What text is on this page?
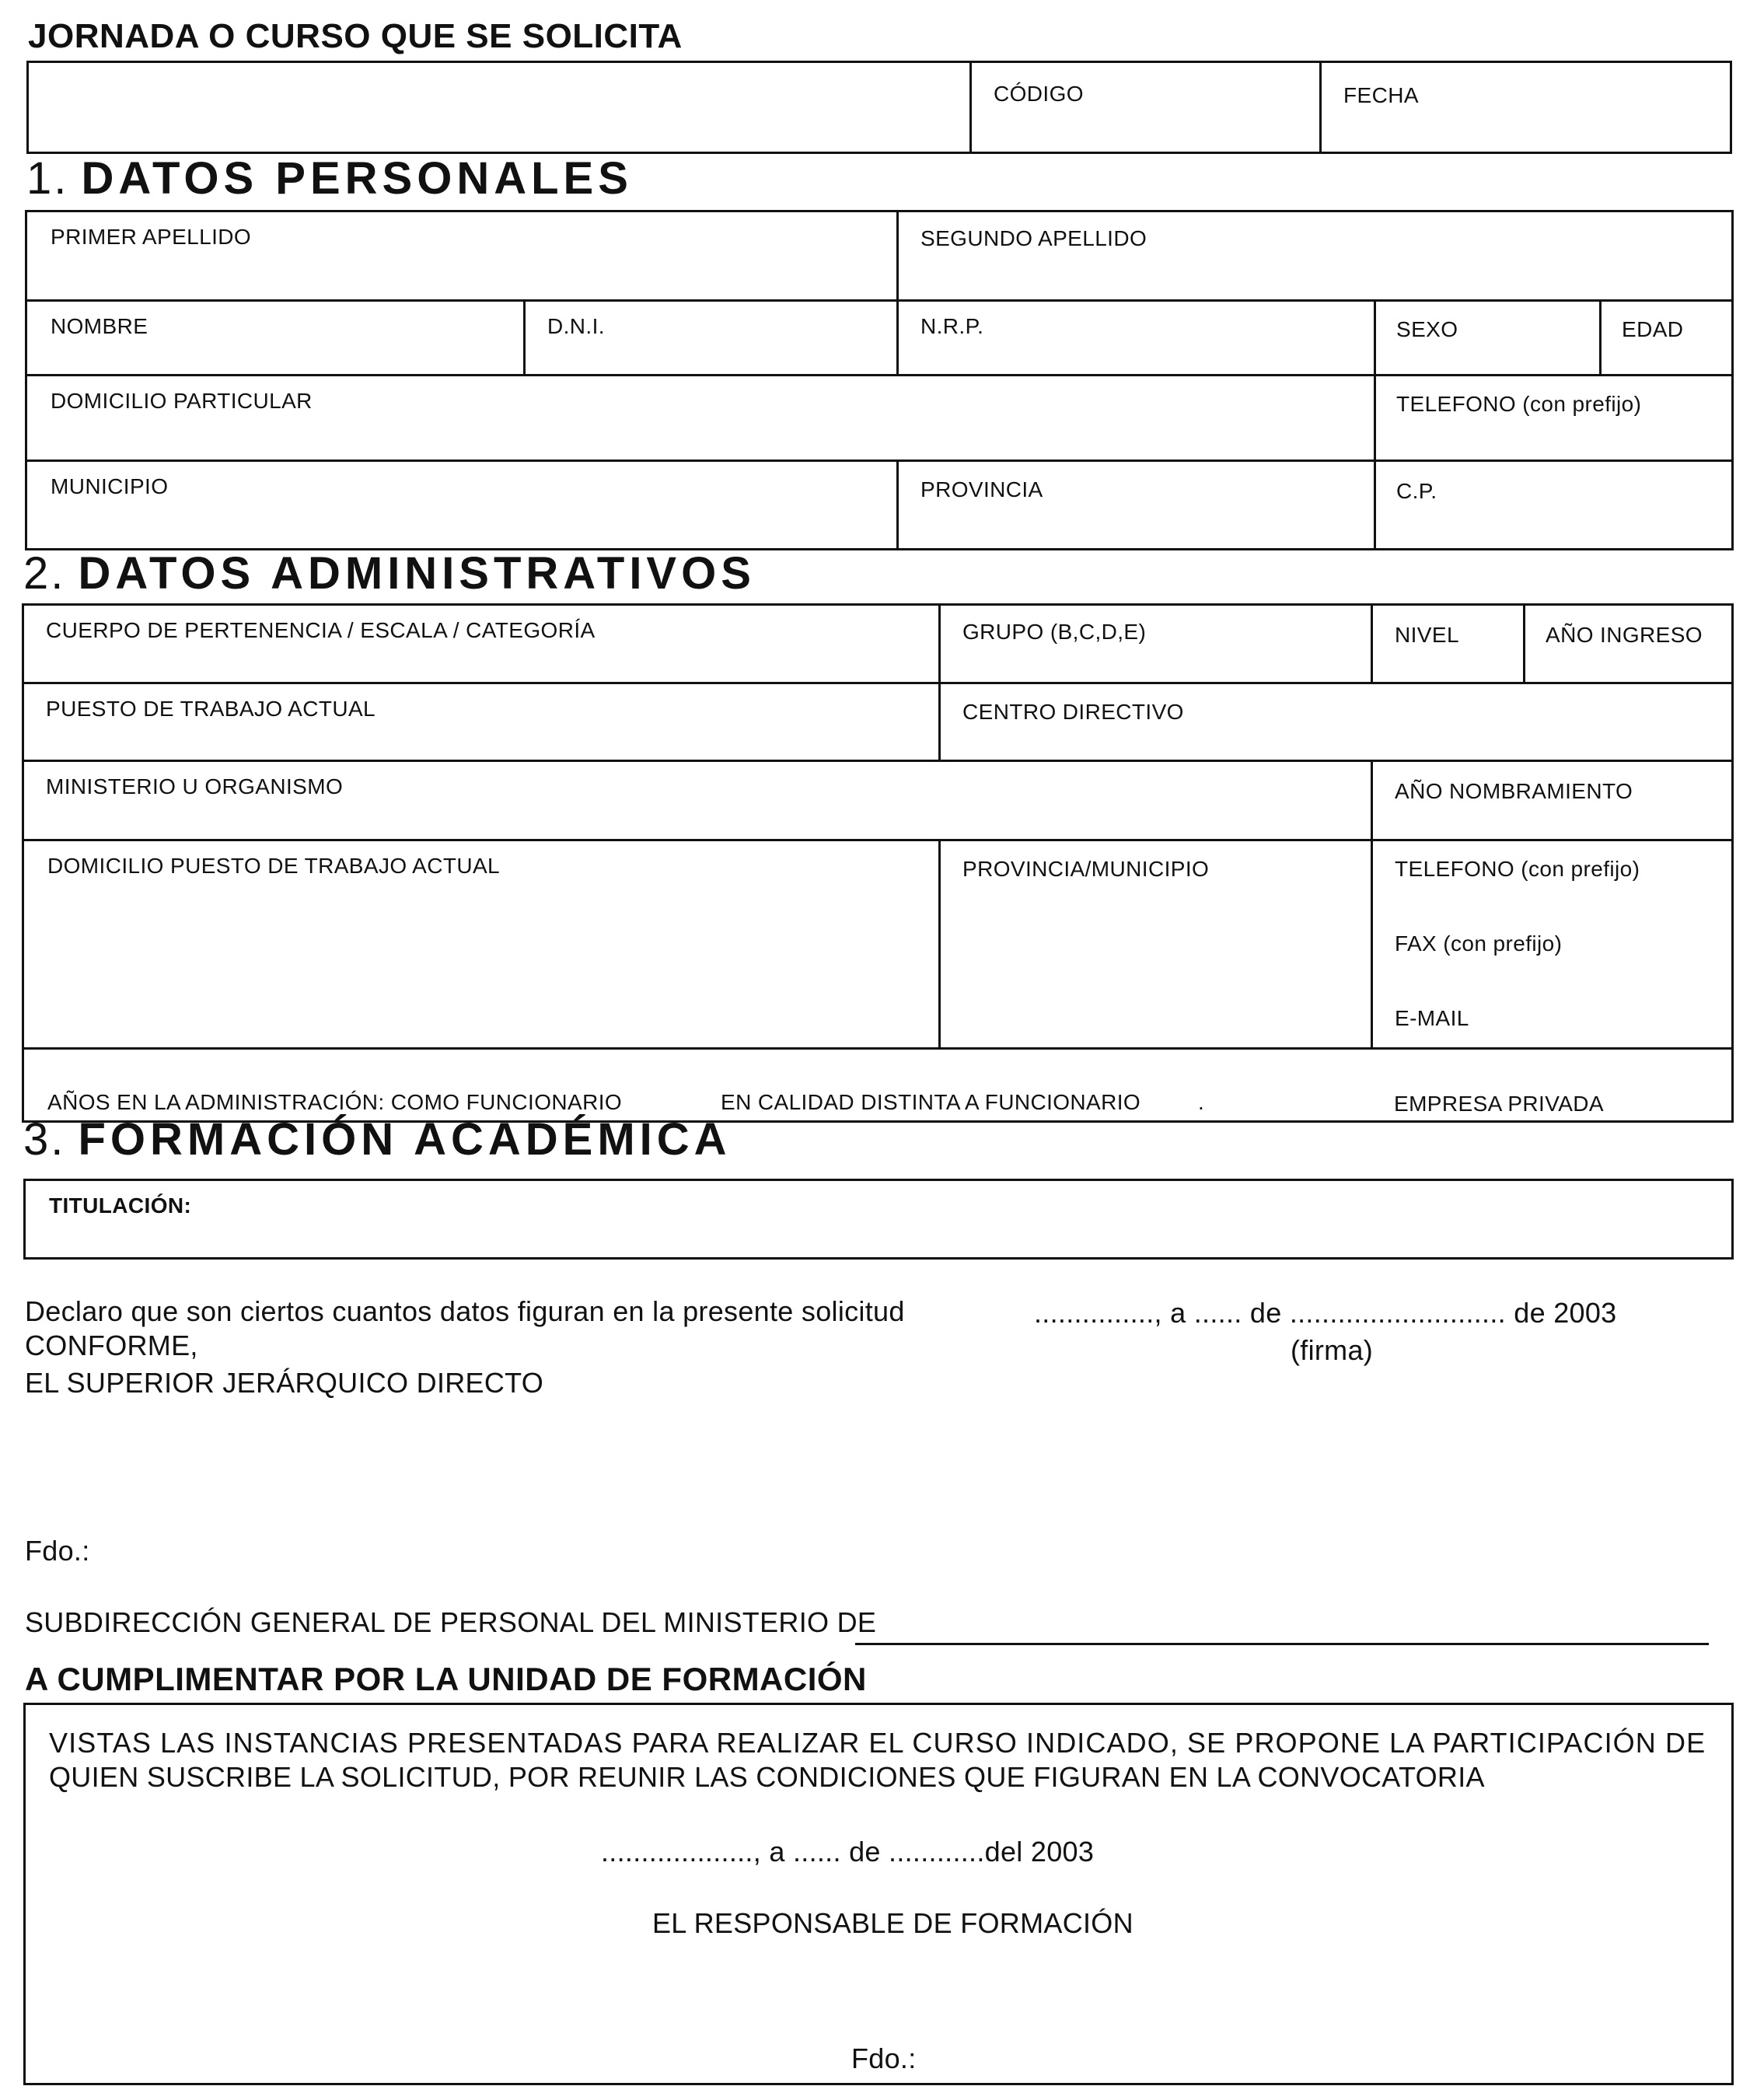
JORNADA O CURSO QUE SE SOLICITA
CÓDIGO	FECHA
1. DATOS PERSONALES
PRIMER APELLIDO	SEGUNDO APELLIDO
NOMBRE	D.N.I.	N.R.P.	SEXO	EDAD
DOMICILIO PARTICULAR	TELEFONO (con prefijo)
MUNICIPIO	PROVINCIA	C.P.
2. DATOS ADMINISTRATIVOS
CUERPO DE PERTENENCIA / ESCALA / CATEGORÍA	GRUPO (B,C,D,E)	NIVEL	AÑO INGRESO
PUESTO DE TRABAJO ACTUAL	CENTRO DIRECTIVO
MINISTERIO U ORGANISMO	AÑO NOMBRAMIENTO
DOMICILIO PUESTO DE TRABAJO ACTUAL	PROVINCIA/MUNICIPIO	TELEFONO (con prefijo)
FAX (con prefijo)
E-MAIL
AÑOS EN LA ADMINISTRACIÓN: COMO FUNCIONARIO	EN CALIDAD DISTINTA A FUNCIONARIO	.	EMPRESA PRIVADA
3. FORMACIÓN ACADÉMICA
TITULACIÓN:
Declaro que son ciertos cuantos datos figuran en la presente solicitud
CONFORME,
EL SUPERIOR JERÁRQUICO DIRECTO
..............., a ...... de ........................... de 2003
(firma)
Fdo.:
SUBDIRECCIÓN GENERAL DE PERSONAL DEL MINISTERIO DE
A CUMPLIMENTAR POR LA UNIDAD DE FORMACIÓN
VISTAS LAS INSTANCIAS PRESENTADAS PARA REALIZAR EL CURSO INDICADO, SE PROPONE LA PARTICIPACIÓN DE
QUIEN SUSCRIBE LA SOLICITUD, POR REUNIR LAS CONDICIONES QUE FIGURAN EN LA CONVOCATORIA
..................., a ...... de ............del 2003
EL RESPONSABLE DE FORMACIÓN
Fdo.:
